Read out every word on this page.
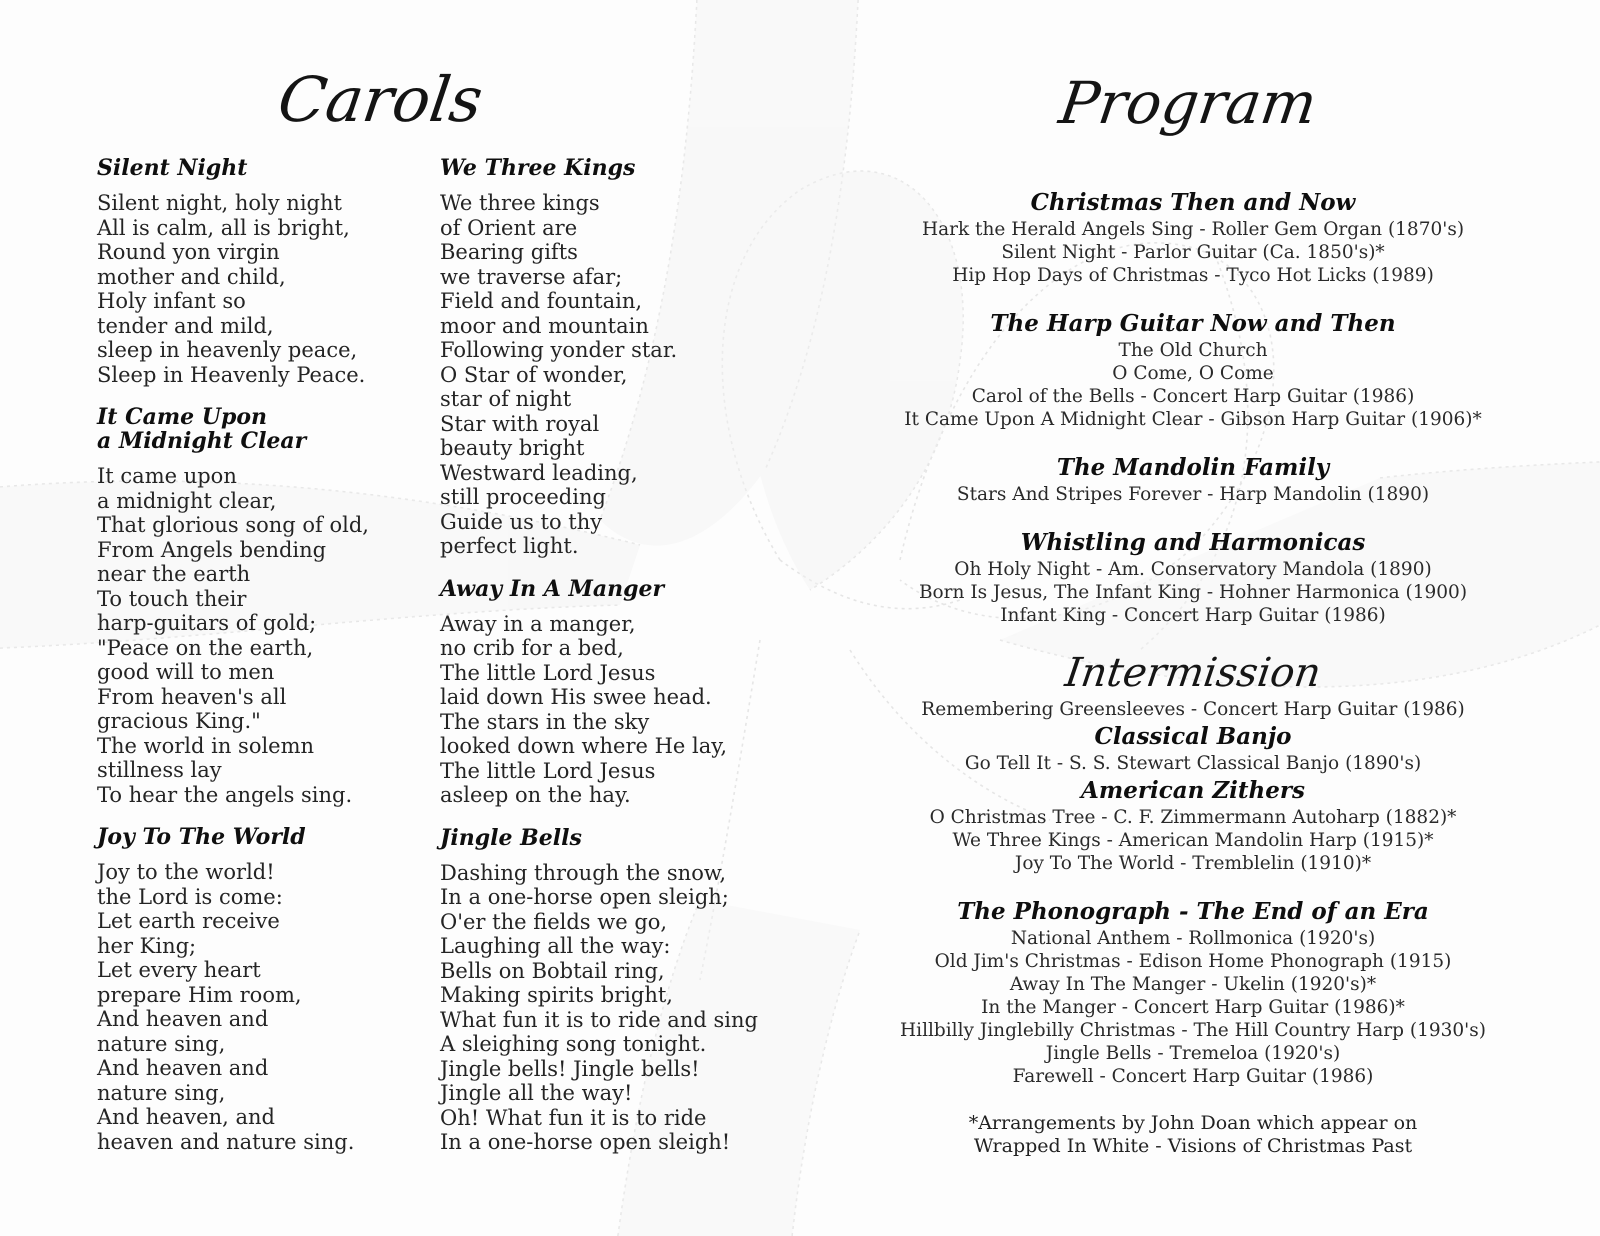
Carols
Silent Night
Silent night, holy night
All is calm, all is bright,
Round yon virgin
mother and child,
Holy infant so
tender and mild,
sleep in heavenly peace,
Sleep in Heavenly Peace.
It Came Upon
a Midnight Clear
It came upon
a midnight clear,
That glorious song of old,
From Angels bending
near the earth
To touch their
harp-guitars of gold;
"Peace on the earth,
good will to men
From heaven's all
gracious King."
The world in solemn
stillness lay
To hear the angels sing.
Joy To The World
Joy to the world!
the Lord is come:
Let earth receive
her King;
Let every heart
prepare Him room,
And heaven and
nature sing,
And heaven and
nature sing,
And heaven, and
heaven and nature sing.
We Three Kings
We three kings
of Orient are
Bearing gifts
we traverse afar;
Field and fountain,
moor and mountain
Following yonder star.
O Star of wonder,
star of night
Star with royal
beauty bright
Westward leading,
still proceeding
Guide us to thy
perfect light.
Away In A Manger
Away in a manger,
no crib for a bed,
The little Lord Jesus
laid down His swee head.
The stars in the sky
looked down where He lay,
The little Lord Jesus
asleep on the hay.
Jingle Bells
Dashing through the snow,
In a one-horse open sleigh;
O'er the fields we go,
Laughing all the way:
Bells on Bobtail ring,
Making spirits bright,
What fun it is to ride and sing
A sleighing song tonight.
Jingle bells! Jingle bells!
Jingle all the way!
Oh! What fun it is to ride
In a one-horse open sleigh!
Program
Christmas Then and Now
Hark the Herald Angels Sing - Roller Gem Organ (1870's)
Silent Night - Parlor Guitar (Ca. 1850's)*
Hip Hop Days of Christmas - Tyco Hot Licks (1989)
The Harp Guitar Now and Then
The Old Church
O Come, O Come
Carol of the Bells - Concert Harp Guitar (1986)
It Came Upon A Midnight Clear - Gibson Harp Guitar (1906)*
The Mandolin Family
Stars And Stripes Forever - Harp Mandolin (1890)
Whistling and Harmonicas
Oh Holy Night - Am. Conservatory Mandola (1890)
Born Is Jesus, The Infant King - Hohner Harmonica (1900)
Infant King - Concert Harp Guitar (1986)
Intermission
Remembering Greensleeves - Concert Harp Guitar (1986)
Classical Banjo
Go Tell It - S. S. Stewart Classical Banjo (1890's)
American Zithers
O Christmas Tree - C. F. Zimmermann Autoharp (1882)*
We Three Kings - American Mandolin Harp (1915)*
Joy To The World - Tremblelin (1910)*
The Phonograph - The End of an Era
National Anthem - Rollmonica (1920's)
Old Jim's Christmas - Edison Home Phonograph (1915)
Away In The Manger - Ukelin (1920's)*
In the Manger - Concert Harp Guitar (1986)*
Hillbilly Jinglebilly Christmas - The Hill Country Harp (1930's)
Jingle Bells - Tremeloa (1920's)
Farewell - Concert Harp Guitar (1986)
*Arrangements by John Doan which appear on
Wrapped In White - Visions of Christmas Past
